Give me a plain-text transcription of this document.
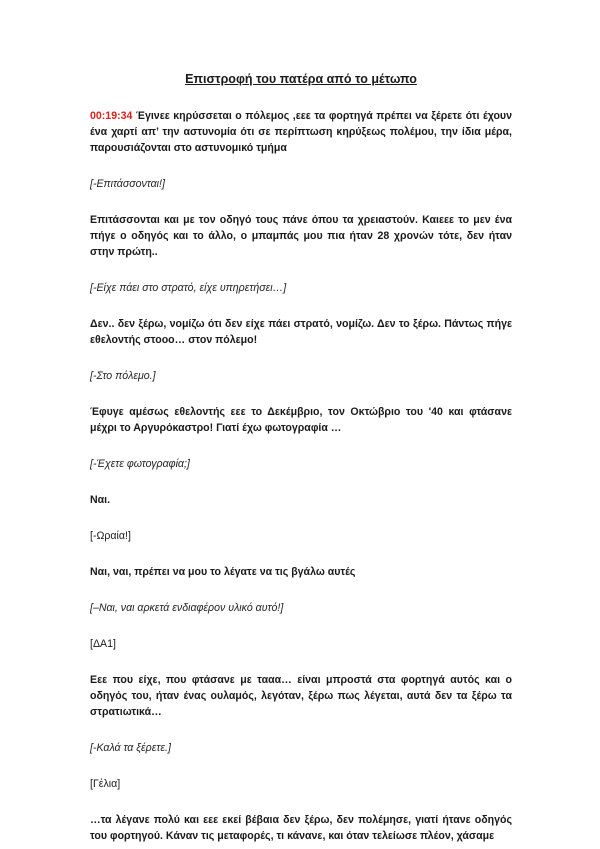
Επιστροφή του πατέρα από το μέτωπο
00:19:34 Έγινεε κηρύσσεται ο πόλεμος ,εεε τα φορτηγά πρέπει να ξέρετε ότι έχουν ένα χαρτί απ’ την αστυνομία ότι σε περίπτωση κηρύξεως πολέμου, την ίδια μέρα, παρουσιάζονται στο αστυνομικό τμήμα
[-Επιτάσσονται!]
Επιτάσσονται και με τον οδηγό τους πάνε όπου τα χρειαστούν. Καιεεε το μεν ένα πήγε ο οδηγός και το άλλο, ο μπαμπάς μου πια ήταν 28 χρονών τότε, δεν ήταν στην πρώτη..
[-Είχε πάει στο στρατό, είχε υπηρετήσει…]
Δεν.. δεν ξέρω, νομίζω ότι δεν είχε πάει στρατό, νομίζω. Δεν το ξέρω. Πάντως πήγε εθελοντής στοοο… στον πόλεμο!
[-Στο πόλεμο.]
Έφυγε αμέσως εθελοντής εεε το Δεκέμβριο, τον Οκτώβριο του '40 και φτάσανε μέχρι το Αργυρόκαστρο! Γιατί έχω φωτογραφία …
[-Έχετε φωτογραφία;]
Ναι.
[-Ωραία!]
Ναι, ναι, πρέπει να μου το λέγατε να τις βγάλω αυτές
[–Ναι, ναι αρκετά ενδιαφέρον υλικό αυτό!]
[ΔΑ1]
Εεε που είχε, που φτάσανε με τααα… είναι μπροστά στα φορτηγά αυτός και ο οδηγός του, ήταν ένας ουλαμός, λεγόταν, ξέρω πως λέγεται, αυτά δεν τα ξέρω τα στρατιωτικά…
[-Καλά τα ξέρετε.]
[Γέλια]
…τα λέγανε πολύ και εεε εκεί βέβαια δεν ξέρω, δεν πολέμησε, γιατί ήτανε οδηγός του φορτηγού. Κάναν τις μεταφορές, τι κάνανε, και όταν τελείωσε πλέον, χάσαμε
